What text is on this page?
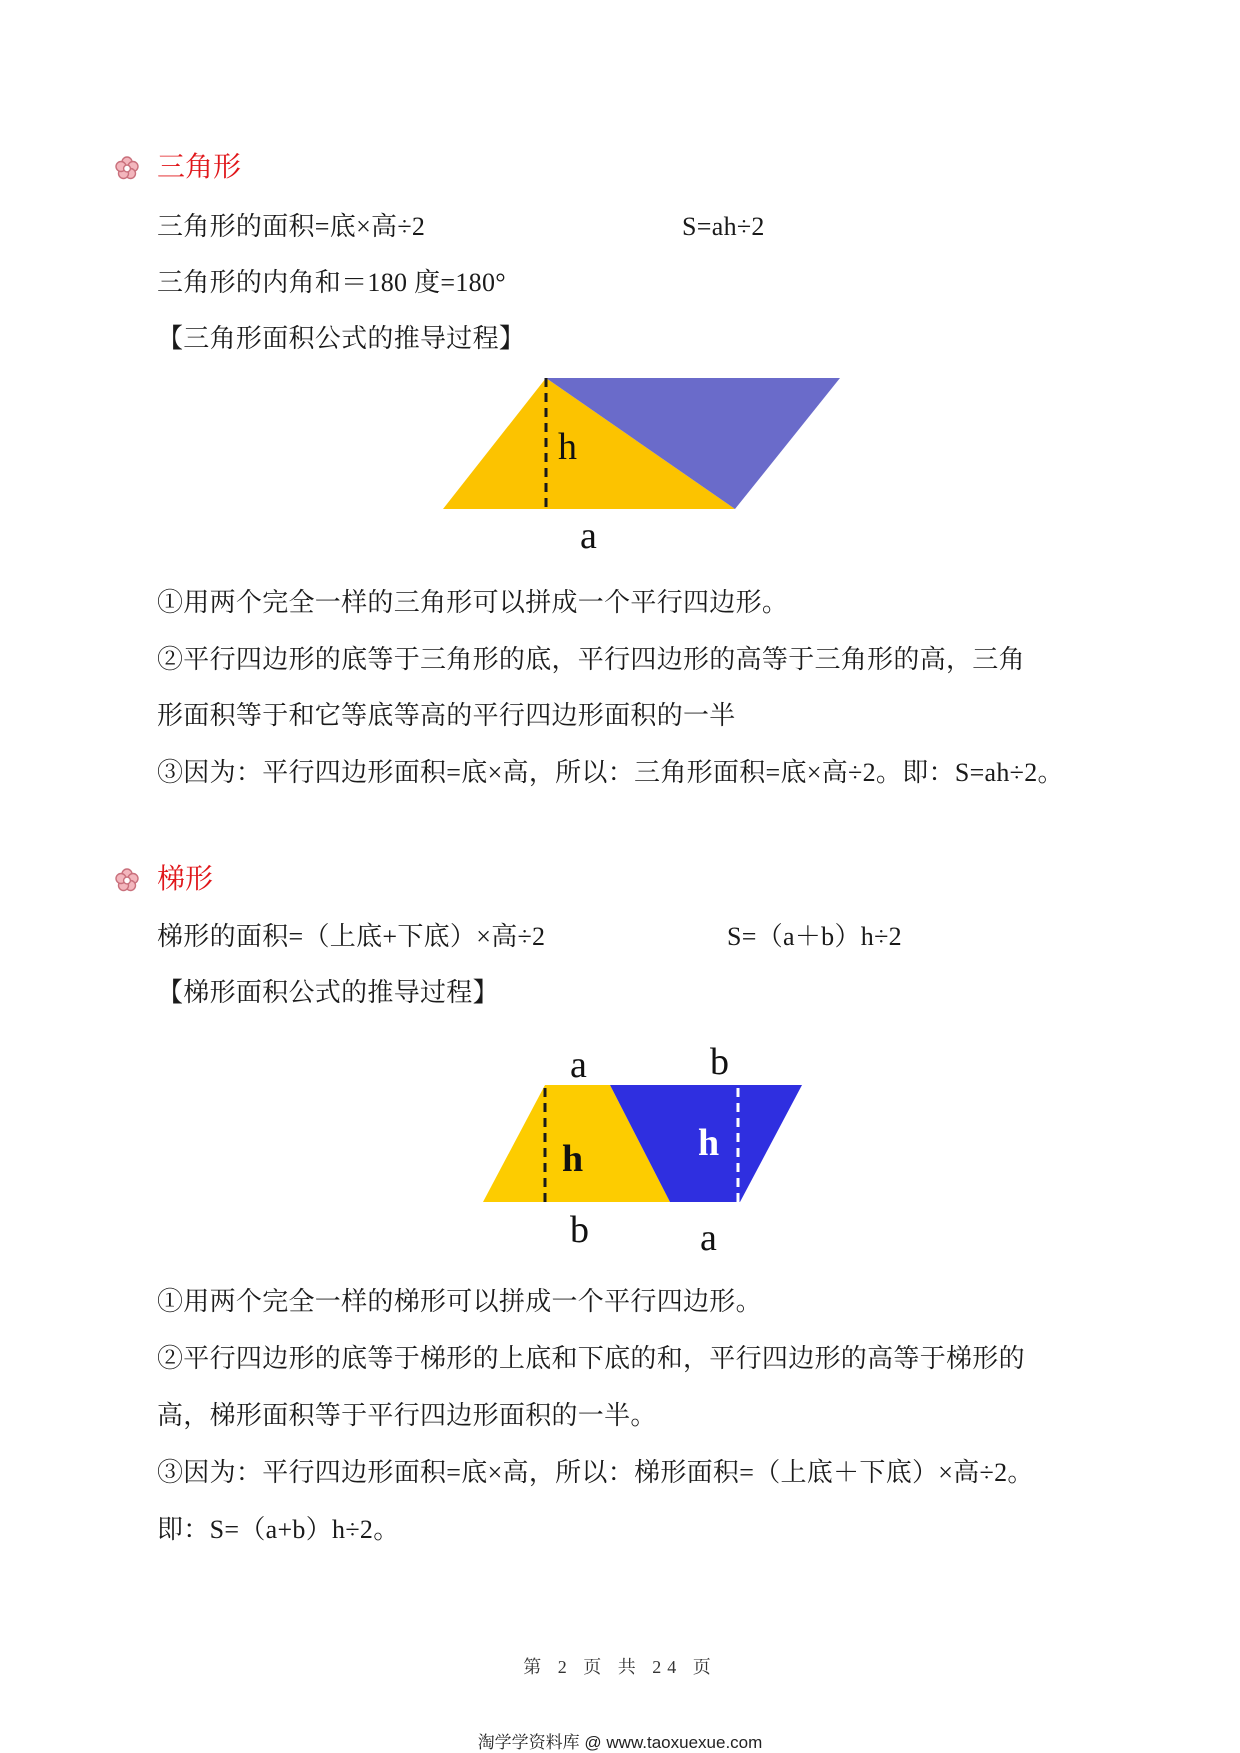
三角形
三角形的面积=底×高÷2	S=ah÷2
三角形的内角和＝180 度=180°
【三角形面积公式的推导过程】
h
a
①用两个完全一样的三角形可以拼成一个平行四边形。
②平行四边形的底等于三角形的底，平行四边形的高等于三角形的高，三角
形面积等于和它等底等高的平行四边形面积的一半
③因为：平行四边形面积=底×高，所以：三角形面积=底×高÷2。即：S=ah÷2。
梯形
梯形的面积=（上底+下底）×高÷2	S=（a＋b）h÷2
【梯形面积公式的推导过程】
a	b
h	h
b	a
①用两个完全一样的梯形可以拼成一个平行四边形。
②平行四边形的底等于梯形的上底和下底的和，平行四边形的高等于梯形的
高，梯形面积等于平行四边形面积的一半。
③因为：平行四边形面积=底×高，所以：梯形面积=（上底＋下底）×高÷2。
即：S=（a+b）h÷2。
第 2 页 共 24 页
淘学学资料库 @ www.taoxuexue.com
